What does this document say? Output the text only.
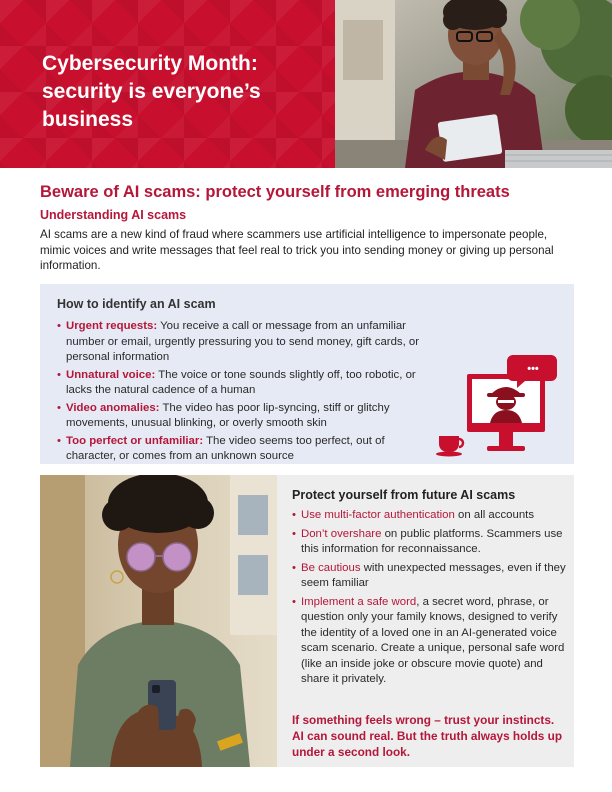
Cybersecurity Month:
security is everyone’s
business
Beware of AI scams: protect yourself from emerging threats
Understanding AI scams

AI scams are a new kind of fraud where scammers use artificial intelligence to impersonate people, mimic voices and write messages that feel real to trick you into sending money or giving up personal information.

How to identify an AI scam
• Urgent requests: You receive a call or message from an unfamiliar number or email, urgently pressuring you to send money, gift cards, or personal information
• Unnatural voice: The voice or tone sounds slightly off, too robotic, or lacks the natural cadence of a human
• Video anomalies: The video has poor lip-syncing, stiff or glitchy movements, unusual blinking, or overly smooth skin
• Too perfect or unfamiliar: The video seems too perfect, out of character, or comes from an unknown source
•••
Protect yourself from future AI scams
• Use multi-factor authentication on all accounts
• Don’t overshare on public platforms. Scammers use this information for reconnaissance.
• Be cautious with unexpected messages, even if they seem familiar
• Implement a safe word, a secret word, phrase, or question only your family knows, designed to verify the identity of a loved one in an AI-generated voice scam scenario. Create a unique, personal safe word (like an inside joke or obscure movie quote) and share it privately.

If something feels wrong – trust your instincts. AI can sound real. But the truth always holds up under a second look.
